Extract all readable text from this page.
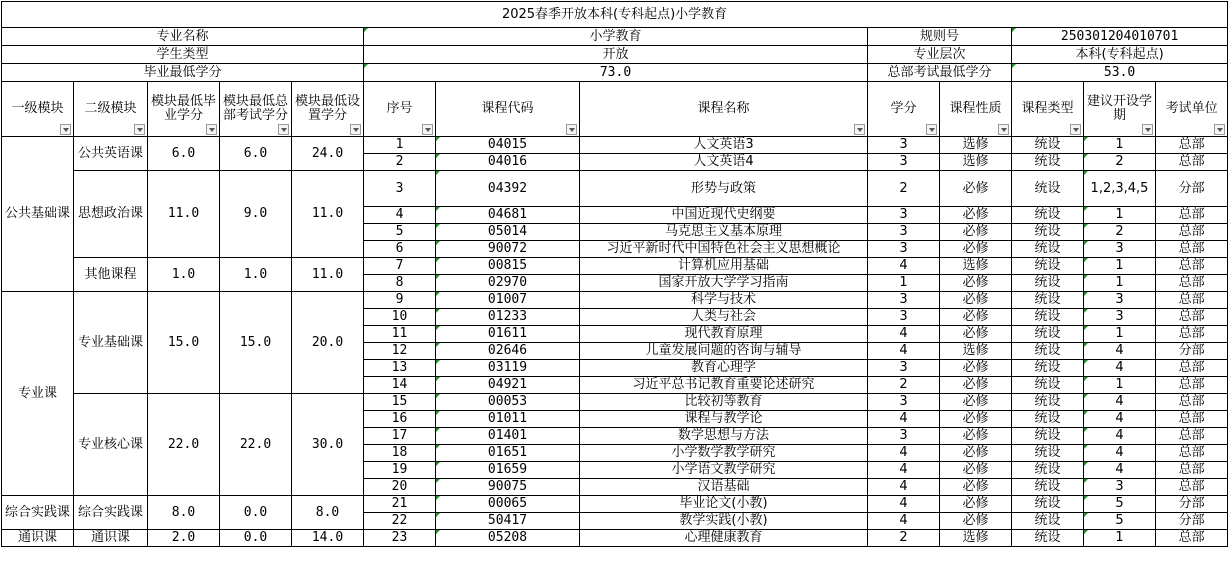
2025春季开放本科(专科起点)小学教育												
专业名称					小学教育			规则号		250301204010701		
学生类型					开放			专业层次		本科(专科起点)		
毕业最低学分					73.0			总部考试最低学分		53.0		
一级模块	二级模块	模块最低毕业学分	模块最低总部考试学分	模块最低设置学分	序号	课程代码	课程名称	学分	课程性质	课程类型	建议开设学期	考试单位

公共基础课	公共英语课	6.0	6.0	24.0	1	04015	人文英语3	3	选修	统设	1	总部
					2	04016	人文英语4	3	选修	统设	2	总部
	思想政治课	11.0	9.0	11.0	3	04392	形势与政策	2	必修	统设	1,2,3,4,5	分部
					4	04681	中国近现代史纲要	3	必修	统设	1	总部
					5	05014	马克思主义基本原理	3	必修	统设	2	总部
					6	90072	习近平新时代中国特色社会主义思想概论	3	必修	统设	3	总部
	其他课程	1.0	1.0	11.0	7	00815	计算机应用基础	4	选修	统设	1	总部
					8	02970	国家开放大学学习指南	1	必修	统设	1	总部
专业课	专业基础课	15.0	15.0	20.0	9	01007	科学与技术	3	必修	统设	3	总部
					10	01233	人类与社会	3	必修	统设	3	总部
					11	01611	现代教育原理	4	必修	统设	1	总部
					12	02646	儿童发展问题的咨询与辅导	4	选修	统设	4	分部
					13	03119	教育心理学	3	必修	统设	4	总部
					14	04921	习近平总书记教育重要论述研究	2	必修	统设	1	总部
	专业核心课	22.0	22.0	30.0	15	00053	比较初等教育	3	必修	统设	4	总部
					16	01011	课程与教学论	4	必修	统设	4	总部
					17	01401	数学思想与方法	3	必修	统设	4	总部
					18	01651	小学数学教学研究	4	必修	统设	4	总部
					19	01659	小学语文教学研究	4	必修	统设	4	总部
					20	90075	汉语基础	4	必修	统设	3	总部
综合实践课	综合实践课	8.0	0.0	8.0	21	00065	毕业论文(小教)	4	必修	统设	5	分部
					22	50417	教学实践(小教)	4	必修	统设	5	分部
通识课	通识课	2.0	0.0	14.0	23	05208	心理健康教育	2	选修	统设	1	总部
